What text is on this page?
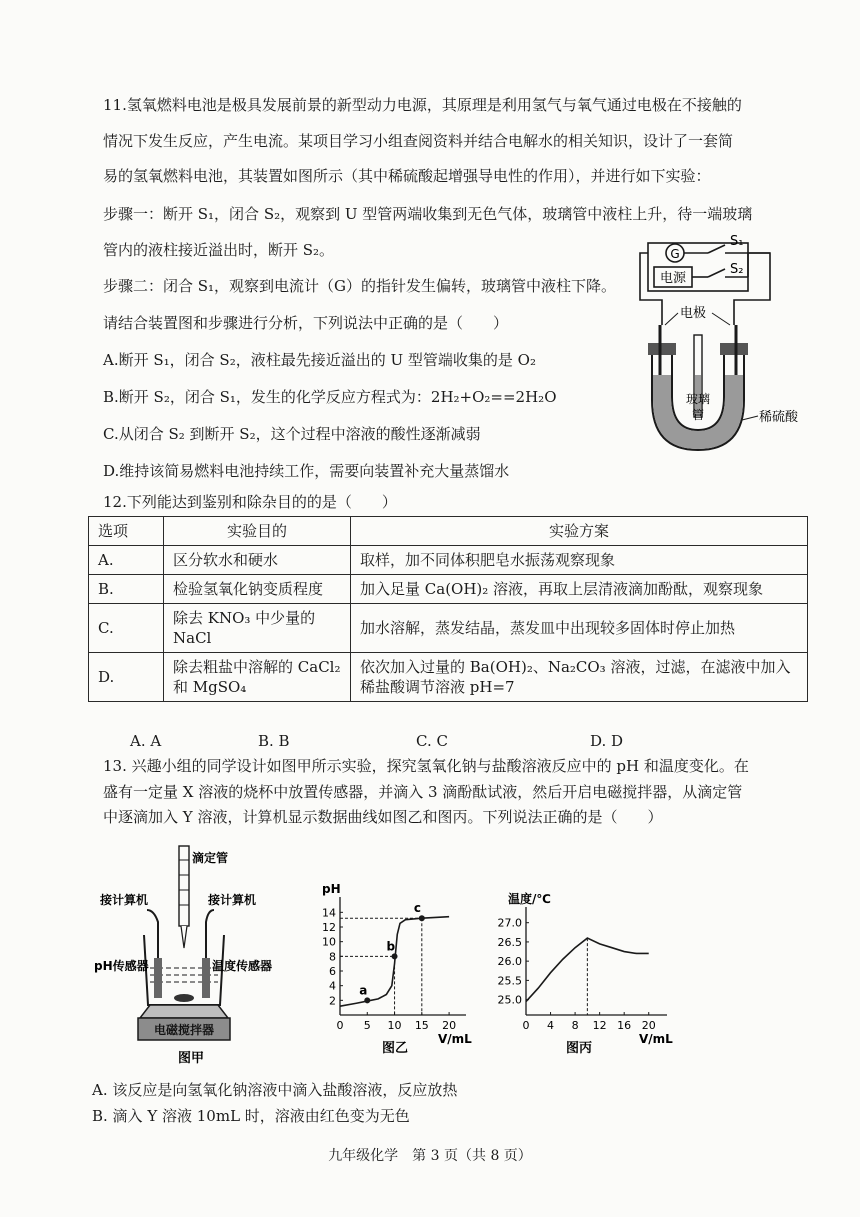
11.氢氧燃料电池是极具发展前景的新型动力电源，其原理是利用氢气与氧气通过电极在不接触的
情况下发生反应，产生电流。某项目学习小组查阅资料并结合电解水的相关知识，设计了一套简
易的氢氧燃料电池，其装置如图所示（其中稀硫酸起增强导电性的作用），并进行如下实验：
步骤一：断开 S₁，闭合 S₂，观察到 U 型管两端收集到无色气体，玻璃管中液柱上升，待一端玻璃
管内的液柱接近溢出时，断开 S₂。
步骤二：闭合 S₁，观察到电流计（G）的指针发生偏转，玻璃管中液柱下降。
请结合装置图和步骤进行分析，下列说法中正确的是（　　）
A.断开 S₁，闭合 S₂，液柱最先接近溢出的 U 型管端收集的是 O₂
B.断开 S₂，闭合 S₁，发生的化学反应方程式为：2H₂+O₂==2H₂O
C.从闭合 S₂ 到断开 S₂，这个过程中溶液的酸性逐渐减弱
D.维持该简易燃料电池持续工作，需要向装置补充大量蒸馏水
G
S₁
电源
S₂
电极
玻璃
管	稀硫酸
12.下列能达到鉴别和除杂目的的是（　　）
选项	实验目的	实验方案
A.	区分软水和硬水	取样，加不同体积肥皂水振荡观察现象
B.	检验氢氧化钠变质程度	加入足量 Ca(OH)₂ 溶液，再取上层清液滴加酚酞，观察现象
C.	除去 KNO₃ 中少量的 NaCl	加水溶解，蒸发结晶，蒸发皿中出现较多固体时停止加热
D.	除去粗盐中溶解的 CaCl₂ 和 MgSO₄	依次加入过量的 Ba(OH)₂、Na₂CO₃ 溶液，过滤，在滤液中加入稀盐酸调节溶液 pH=7
A. A	B. B	C. C	D. D
13. 兴趣小组的同学设计如图甲所示实验，探究氢氧化钠与盐酸溶液反应中的 pH 和温度变化。在
盛有一定量 X 溶液的烧杯中放置传感器，并滴入 3 滴酚酞试液，然后开启电磁搅拌器，从滴定管
中逐滴加入 Y 溶液，计算机显示数据曲线如图乙和图丙。下列说法正确的是（　　）
滴定管
接计算机	接计算机
pH传感器	温度传感器
电磁搅拌器
图甲
pH
V/mL
0 5 10 15 20
2
4
6
8
10
12
14
a
b
c
图乙
温度/℃
V/mL
0 4 8 12 16 20
25.0
25.5
26.0
26.5
27.0
图丙
A. 该反应是向氢氧化钠溶液中滴入盐酸溶液，反应放热
B. 滴入 Y 溶液 10mL 时，溶液由红色变为无色
九年级化学　第 3 页（共 8 页）
